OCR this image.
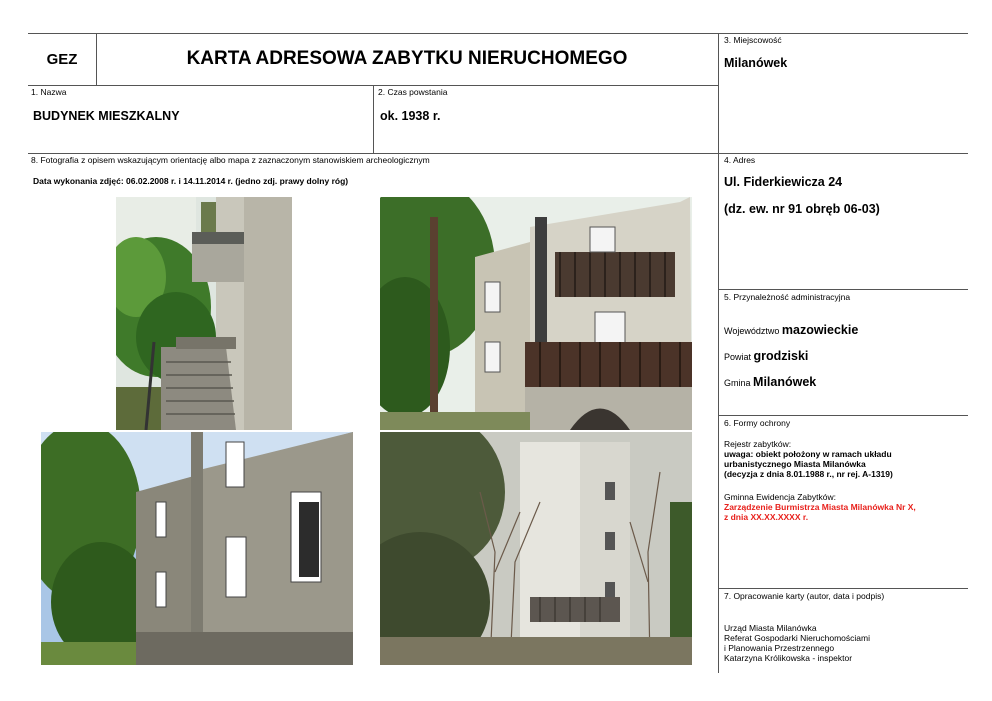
GEZ	KARTA ADRESOWA ZABYTKU NIERUCHOMEGO
3. Miejscowość
Milanówek
1. Nazwa
BUDYNEK MIESZKALNY
2. Czas powstania
ok. 1938 r.
8. Fotografia z opisem wskazującym orientację albo mapa z zaznaczonym stanowiskiem archeologicznym
Data wykonania zdjęć: 06.02.2008 r. i 14.11.2014 r. (jedno zdj. prawy dolny róg)
4. Adres
Ul. Fiderkiewicza 24
(dz. ew. nr 91 obręb 06-03)
5. Przynależność administracyjna
Województwo mazowieckie
Powiat grodziski
Gmina Milanówek
6. Formy ochrony
Rejestr zabytków:
uwaga: obiekt położony w ramach układu
urbanistycznego Miasta Milanówka
(decyzja z dnia 8.01.1988 r., nr rej. A-1319)
Gminna Ewidencja Zabytków:
Zarządzenie Burmistrza Miasta Milanówka Nr X,
z dnia XX.XX.XXXX r.
7. Opracowanie karty (autor, data i podpis)
Urząd Miasta Milanówka
Referat Gospodarki Nieruchomościami
i Planowania Przestrzennego
Katarzyna Królikowska - inspektor
